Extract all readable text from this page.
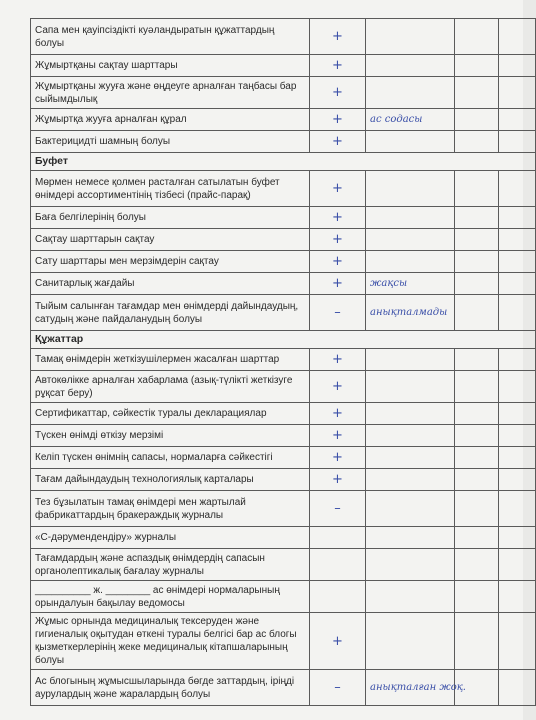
Сапа мен қауіпсіздікті куәландыратын құжаттардың болуы	+			
Жұмыртқаны сақтау шарттары	+			
Жұмыртқаны жууға және өңдеуге арналған таңбасы бар сыйымдылық	+			
Жұмыртқа жууға арналған құрал	+	ас содасы		
Бактерицидті шамның болуы	+			
Буфет				
Мөрмен немесе қолмен расталған сатылатын буфет өнімдері ассортиментінің тізбесі (прайс-парақ)	+			
Баға белгілерінің болуы	+			
Сақтау шарттарын сақтау	+			
Сату шарттары мен мерзімдерін сақтау	+			
Санитарлық жағдайы	+	жақсы		
Тыйым салынған тағамдар мен өнімдерді дайындаудың, сатудың және пайдаланудың болуы	–	анықталмады		
Құжаттар				
Тамақ өнімдерін жеткізушілермен жасалған шарттар	+			
Автокөлікке арналған хабарлама (азық-түлікті жеткізуге рұқсат беру)	+			
Сертификаттар, сәйкестік туралы декларациялар	+			
Түскен өнімді өткізу мерзімі	+			
Келіп түскен өнімнің сапасы, нормаларға сәйкестігі	+			
Тағам дайындаудың технологиялық карталары	+			
Тез бұзылатын тамақ өнімдері мен жартылай фабрикаттардың бракераждық журналы	–			
«С-дәрумендендіру» журналы				
Тағамдардың және аспаздық өнімдердің сапасын органолептикалық бағалау журналы				
__________ ж. ________ ас өнімдері нормаларының орындалуын бақылау ведомосы				
Жұмыс орнында медициналық тексеруден және гигиеналық оқытудан өткені туралы белгісі бар ас блогы қызметкерлерінің жеке медициналық кітапшаларының болуы	+			
Ас блогының жұмысшыларында бөгде заттардың, іріңді аурулардың және жаралардың болуы	–	анықталған жоқ.		
